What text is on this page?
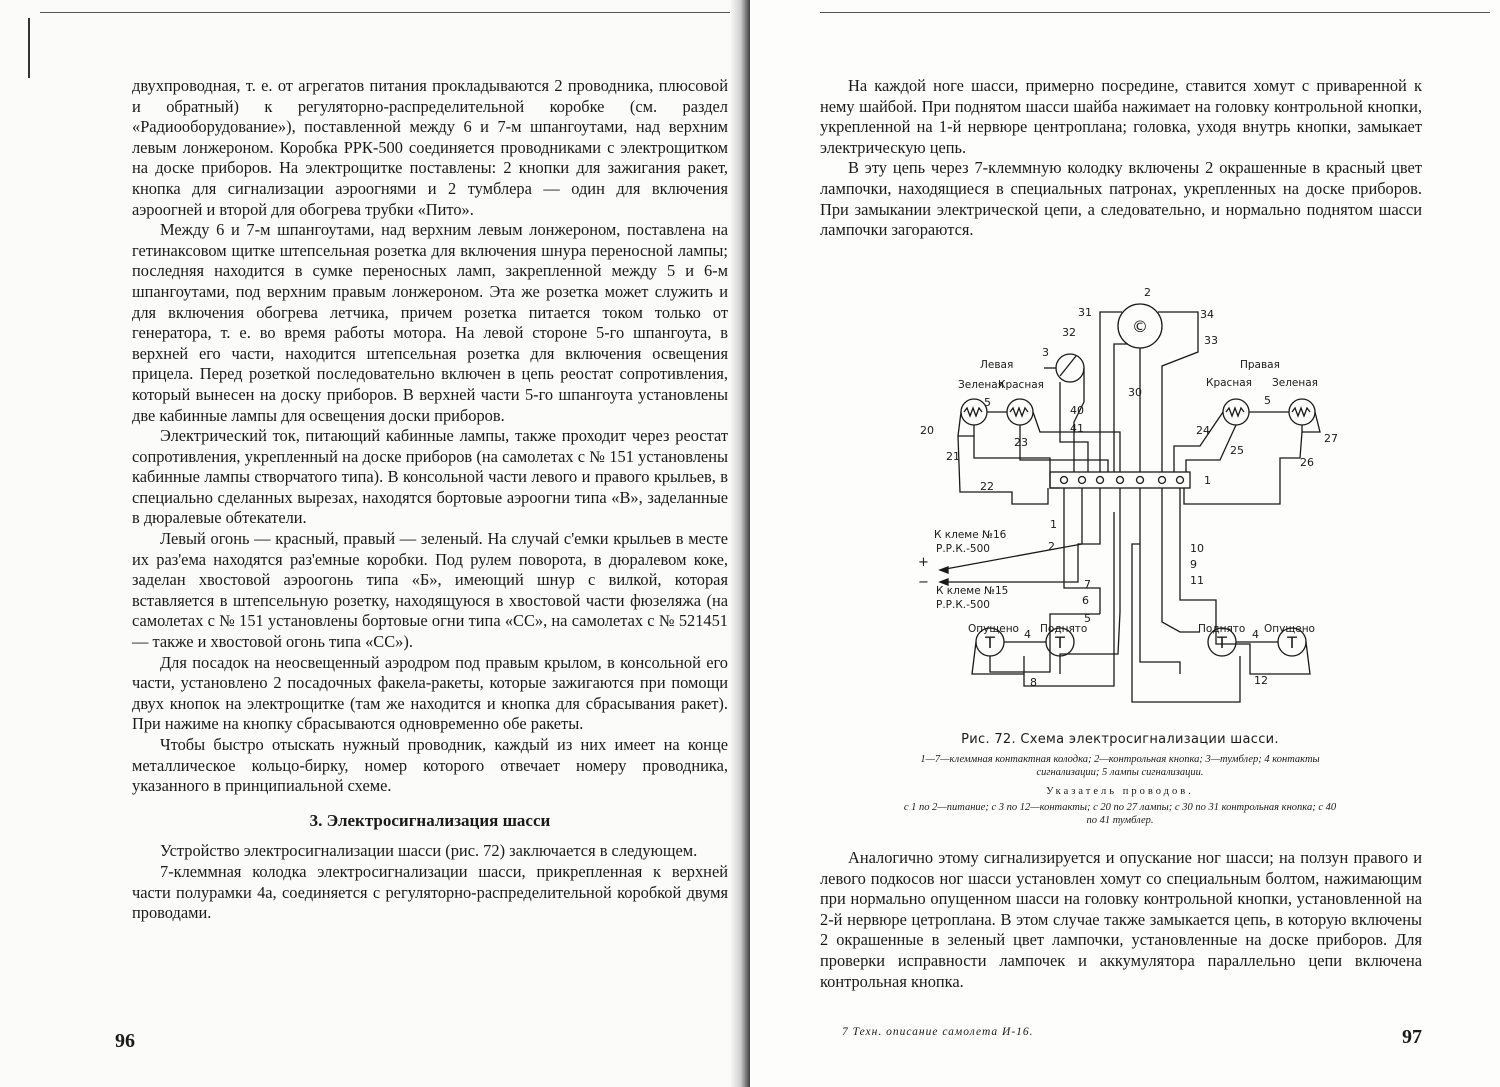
двухпроводная, т. е. от агрегатов питания прокладываются 2 проводника, плюсовой и обратный) к регуляторно-распределительной коробке (см. раздел «Радиооборудование»), поставленной между 6 и 7-м шпангоутами, над верхним левым лонжероном. Коробка РРК-500 соединяется проводниками с электрощитком на доске приборов. На электрощитке поставлены: 2 кнопки для зажигания ракет, кнопка для сигнализации аэроогнями и 2 тумблера — один для включения аэроогней и второй для обогрева трубки «Пито».

Между 6 и 7-м шпангоутами, над верхним левым лонжероном, поставлена на гетинаксовом щитке штепсельная розетка для включения шнура переносной лампы; последняя находится в сумке переносных ламп, закрепленной между 5 и 6-м шпангоутами, под верхним правым лонжероном. Эта же розетка может служить и для включения обогрева летчика, причем розетка питается током только от генератора, т. е. во время работы мотора. На левой стороне 5-го шпангоута, в верхней его части, находится штепсельная розетка для включения освещения прицела. Перед розеткой последовательно включен в цепь реостат сопротивления, который вынесен на доску приборов. В верхней части 5-го шпангоута установлены две кабинные лампы для освещения доски приборов.

Электрический ток, питающий кабинные лампы, также проходит через реостат сопротивления, укрепленный на доске приборов (на самолетах с № 151 установлены кабинные лампы створчатого типа). В консольной части левого и правого крыльев, в специально сделанных вырезах, находятся бортовые аэроогни типа «В», заделанные в дюралевые обтекатели.

Левый огонь — красный, правый — зеленый. На случай с'емки крыльев в месте их раз'ема находятся раз'емные коробки. Под рулем поворота, в дюралевом коке, заделан хвостовой аэроогонь типа «Б», имеющий шнур с вилкой, которая вставляется в штепсельную розетку, находящуюся в хвостовой части фюзеляжа (на самолетах с № 151 установлены бортовые огни типа «СС», на самолетах с № 521451 — также и хвостовой огонь типа «СС»).

Для посадок на неосвещенный аэродром под правым крылом, в консольной его части, установлено 2 посадочных факела-ракеты, которые зажигаются при помощи двух кнопок на электрощитке (там же находится и кнопка для сбрасывания ракет). При нажиме на кнопку сбрасываются одновременно обе ракеты.

Чтобы быстро отыскать нужный проводник, каждый из них имеет на конце металлическое кольцо-бирку, номер которого отвечает номеру проводника, указанного в принципиальной схеме.

3. Электросигнализация шасси

Устройство электросигнализации шасси (рис. 72) заключается в следующем.

7-клеммная колодка электросигнализации шасси, прикрепленная к верхней части полурамки 4а, соединяется с регуляторно-распределительной коробкой двумя проводами.

96

На каждой ноге шасси, примерно посредине, ставится хомут с приваренной к нему шайбой. При поднятом шасси шайба нажимает на головку контрольной кнопки, укрепленной на 1-й нервюре центроплана; головка, уходя внутрь кнопки, замыкает электрическую цепь.

В эту цепь через 7-клеммную колодку включены 2 окрашенные в красный цвет лампочки, находящиеся в специальных патронах, укрепленных на доске приборов. При замыкании электрической цепи, а следовательно, и нормально поднятом шасси лампочки загораются.

©
T	T	T	T
2
31	34
32
33
3
30
40
41
Левая
Зеленая
Красная
Правая
Красная Зеленая
5	5
20
21
23
24
25
27
26
22	1
1
2
К клеме №16
Р.Р.К.-500
+
−
К клеме №15
Р.Р.К.-500
7
6
5
10
9
11
Опущено Поднято	Поднято Опущено
4	4
8	12
Рис. 72. Схема электросигнализации шасси.
1—7—клеммная контактная колодка; 2—контрольная кнопка; 3—тумблер; 4 контакты сигнализации; 5 лампы сигнализации.
Указатель проводов.
с 1 по 2—питание; с 3 по 12—контакты; с 20 по 27 лампы; с 30 по 31 контрольная кнопка; с 40 по 41 тумблер.

Аналогично этому сигнализируется и опускание ног шасси; на ползун правого и левого подкосов ног шасси установлен хомут со специальным болтом, нажимающим при нормально опущенном шасси на головку контрольной кнопки, установленной на 2-й нервюре цетроплана. В этом случае также замыкается цепь, в которую включены 2 окрашенные в зеленый цвет лампочки, установленные на доске приборов. Для проверки исправности лампочек и аккумулятора параллельно цепи включена контрольная кнопка.

7 Техн. описание самолета И-16.	97
